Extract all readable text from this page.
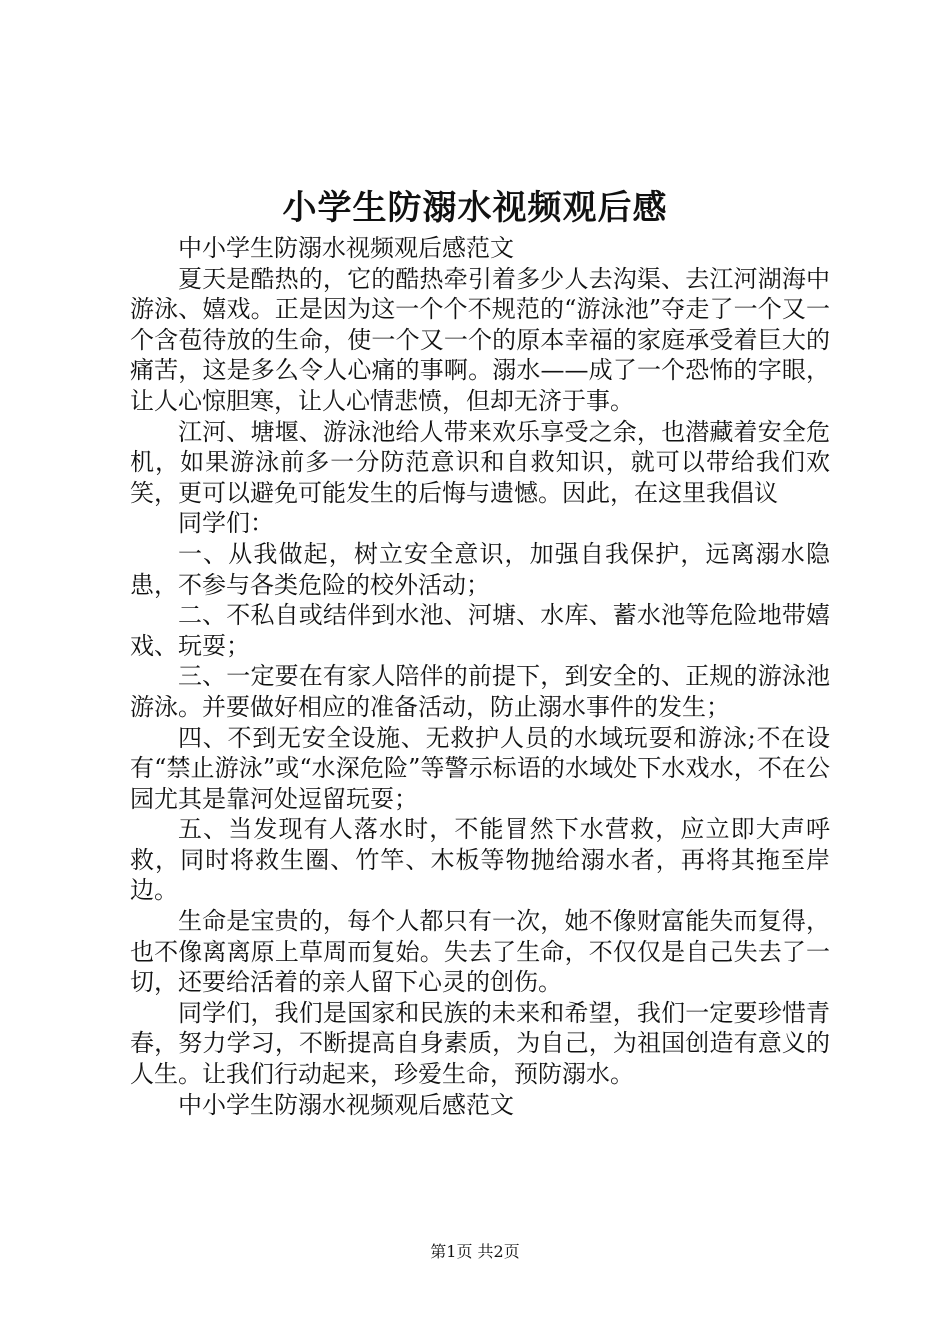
小学生防溺水视频观后感

中小学生防溺水视频观后感范文

夏天是酷热的，它的酷热牵引着多少人去沟渠、去江河湖海中游泳、嬉戏。正是因为这一个个不规范的“游泳池”夺走了一个又一个含苞待放的生命，使一个又一个的原本幸福的家庭承受着巨大的痛苦，这是多么令人心痛的事啊。溺水——成了一个恐怖的字眼，让人心惊胆寒，让人心情悲愤，但却无济于事。

江河、塘堰、游泳池给人带来欢乐享受之余，也潜藏着安全危机，如果游泳前多一分防范意识和自救知识，就可以带给我们欢笑，更可以避免可能发生的后悔与遗憾。因此，在这里我倡议

同学们：

一、从我做起，树立安全意识，加强自我保护，远离溺水隐患，不参与各类危险的校外活动；

二、不私自或结伴到水池、河塘、水库、蓄水池等危险地带嬉戏、玩耍；

三、一定要在有家人陪伴的前提下，到安全的、正规的游泳池游泳。并要做好相应的准备活动，防止溺水事件的发生；

四、不到无安全设施、无救护人员的水域玩耍和游泳;不在设有“禁止游泳”或“水深危险”等警示标语的水域处下水戏水，不在公园尤其是靠河处逗留玩耍；

五、当发现有人落水时，不能冒然下水营救，应立即大声呼救，同时将救生圈、竹竿、木板等物抛给溺水者，再将其拖至岸边。

生命是宝贵的，每个人都只有一次，她不像财富能失而复得，也不像离离原上草周而复始。失去了生命，不仅仅是自己失去了一切，还要给活着的亲人留下心灵的创伤。

同学们，我们是国家和民族的未来和希望，我们一定要珍惜青春，努力学习，不断提高自身素质，为自己，为祖国创造有意义的人生。让我们行动起来，珍爱生命，预防溺水。

中小学生防溺水视频观后感范文

第1页 共2页
